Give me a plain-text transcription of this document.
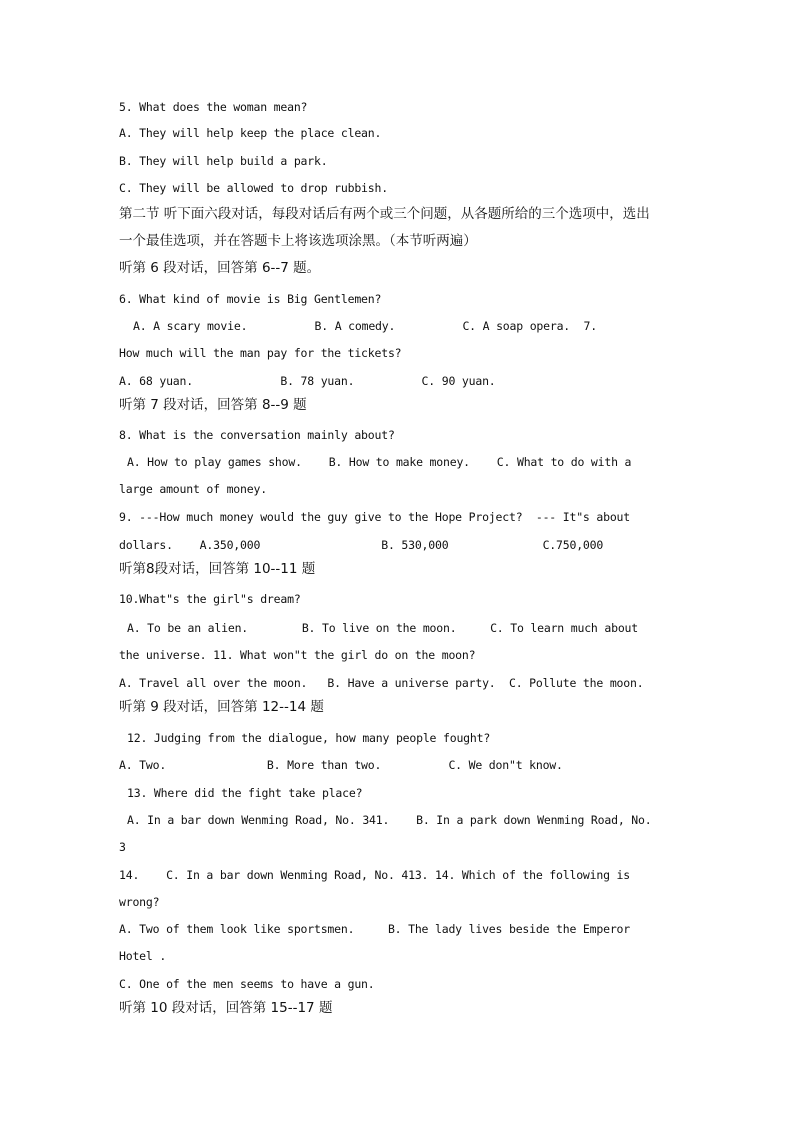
5. What does the woman mean?
A. They will help keep the place clean.
B. They will help build a park.
C. They will be allowed to drop rubbish.
第二节 听下面六段对话，每段对话后有两个或三个问题，从各题所给的三个选项中，选出
一个最佳选项，并在答题卡上将该选项涂黑。（本节听两遍）
听第 6 段对话，回答第 6--7 题。
6. What kind of movie is Big Gentlemen?
A. A scary movie.          B. A comedy.          C. A soap opera.  7.
How much will the man pay for the tickets?
A. 68 yuan.             B. 78 yuan.          C. 90 yuan.
听第 7 段对话，回答第 8--9 题
8. What is the conversation mainly about?
A. How to play games show.    B. How to make money.    C. What to do with a
large amount of money.
9. ---How much money would the guy give to the Hope Project?  --- It"s about
dollars.    A.350,000                  B. 530,000              C.750,000
听第8段对话，回答第 10--11 题
10.What"s the girl"s dream?
A. To be an alien.        B. To live on the moon.     C. To learn much about
the universe. 11. What won"t the girl do on the moon?
A. Travel all over the moon.   B. Have a universe party.  C. Pollute the moon.
听第 9 段对话，回答第 12--14 题
12. Judging from the dialogue, how many people fought?
A. Two.               B. More than two.          C. We don"t know.
13. Where did the fight take place?
A. In a bar down Wenming Road, No. 341.    B. In a park down Wenming Road, No.
3
14.    C. In a bar down Wenming Road, No. 413. 14. Which of the following is
wrong?
A. Two of them look like sportsmen.     B. The lady lives beside the Emperor
Hotel .
C. One of the men seems to have a gun.
听第 10 段对话，回答第 15--17 题
